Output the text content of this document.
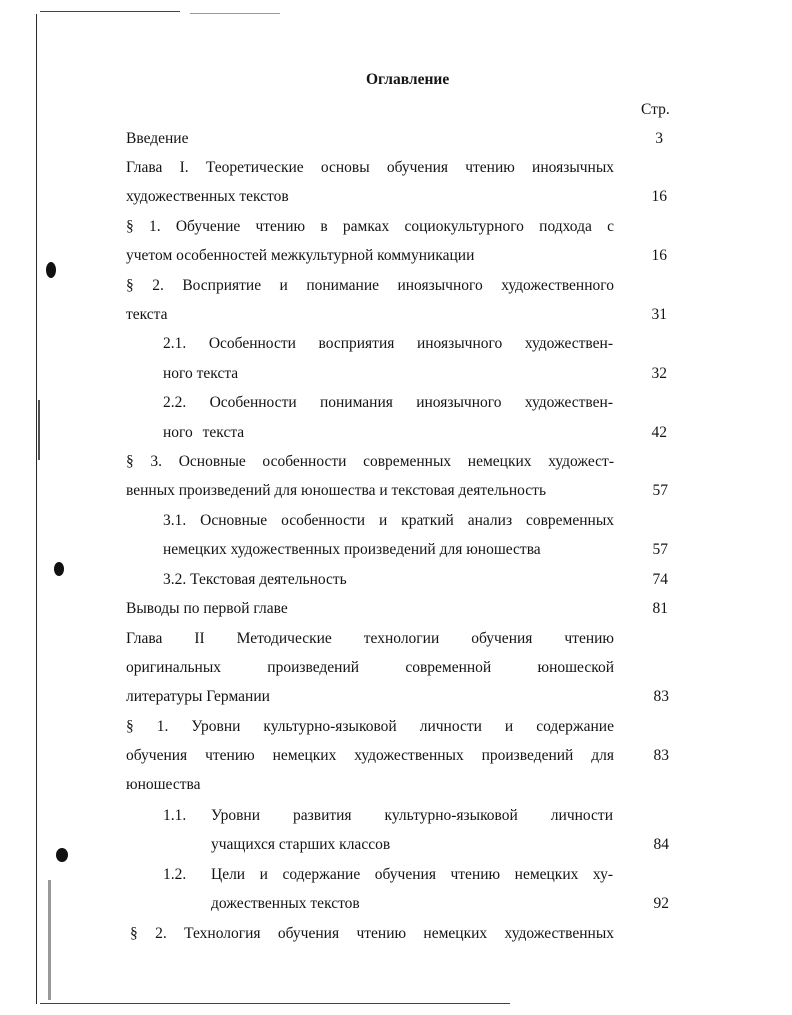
Оглавление
Стр.
Введение	3
Глава I. Теоретические основы обучения чтению иноязычных
художественных текстов	16
§ 1. Обучение чтению в рамках социокультурного подхода с
учетом особенностей межкультурной коммуникации	16
§ 2. Восприятие и понимание иноязычного художественного
текста	31
2.1. Особенности восприятия иноязычного художествен-
ного текста	32
2.2. Особенности понимания иноязычного художествен-
ного текста	42
§ 3. Основные особенности современных немецких художест-
венных произведений для юношества и текстовая деятельность	57
3.1. Основные особенности и краткий анализ современных
немецких художественных произведений для юношества	57
3.2. Текстовая деятельность	74
Выводы по первой главе	81
Глава II Методические технологии обучения чтению
оригинальных произведений современной юношеской
литературы Германии	83
§ 1. Уровни культурно-языковой личности и содержание
обучения чтению немецких художественных произведений для	83
юношества
1.1. Уровни развития культурно-языковой личности
учащихся старших классов	84
1.2. Цели и содержание обучения чтению немецких ху-
дожественных текстов	92
§ 2. Технология обучения чтению немецких художественных
